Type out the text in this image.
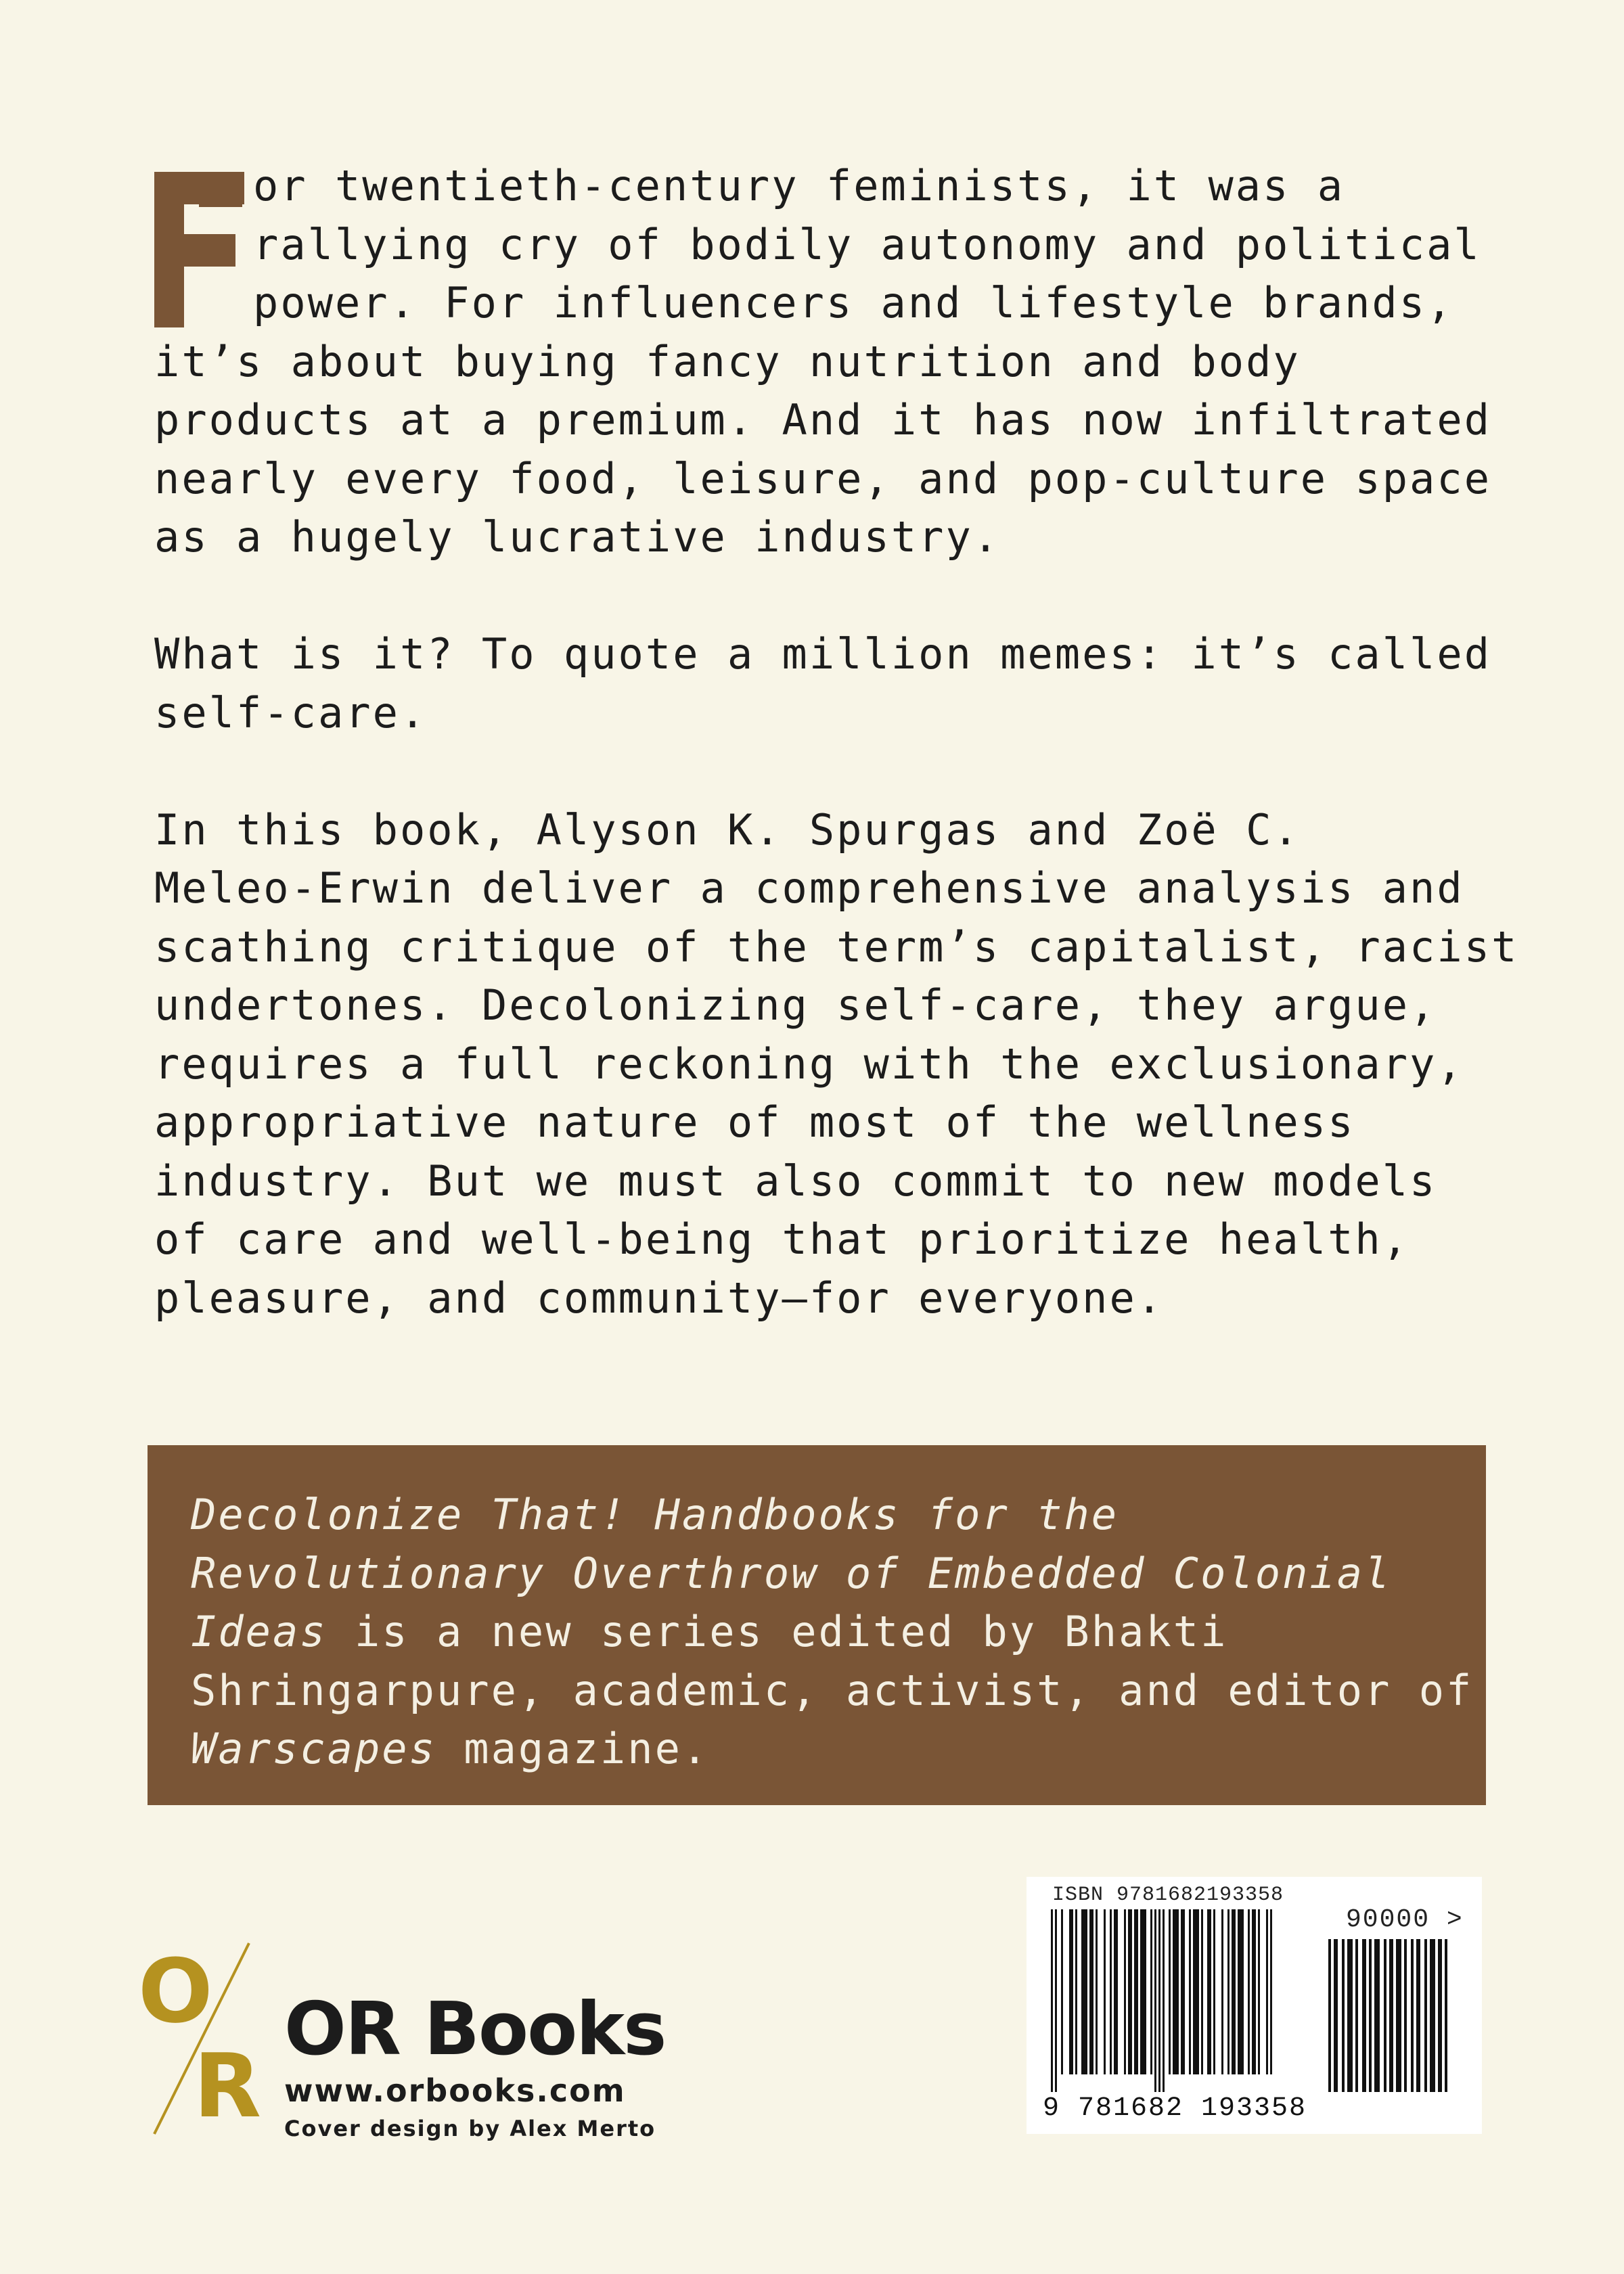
or twentieth-century feminists, it was a
rallying cry of bodily autonomy and political
power. For influencers and lifestyle brands,
it’s about buying fancy nutrition and body
products at a premium. And it has now infiltrated
nearly every food, leisure, and pop-culture space
as a hugely lucrative industry.

What is it? To quote a million memes: it’s called
self-care.

In this book, Alyson K. Spurgas and Zoë C.
Meleo-Erwin deliver a comprehensive analysis and
scathing critique of the term’s capitalist, racist
undertones. Decolonizing self-care, they argue,
requires a full reckoning with the exclusionary,
appropriative nature of most of the wellness
industry. But we must also commit to new models
of care and well-being that prioritize health,
pleasure, and community—for everyone.

Decolonize That! Handbooks for the
Revolutionary Overthrow of Embedded Colonial
Ideas is a new series edited by Bhakti
Shringarpure, academic, activist, and editor of
Warscapes magazine.
O
R
OR Books
www.orbooks.com
Cover design by Alex Merto
ISBN 9781682193358
90000 >
9 781682 193358
